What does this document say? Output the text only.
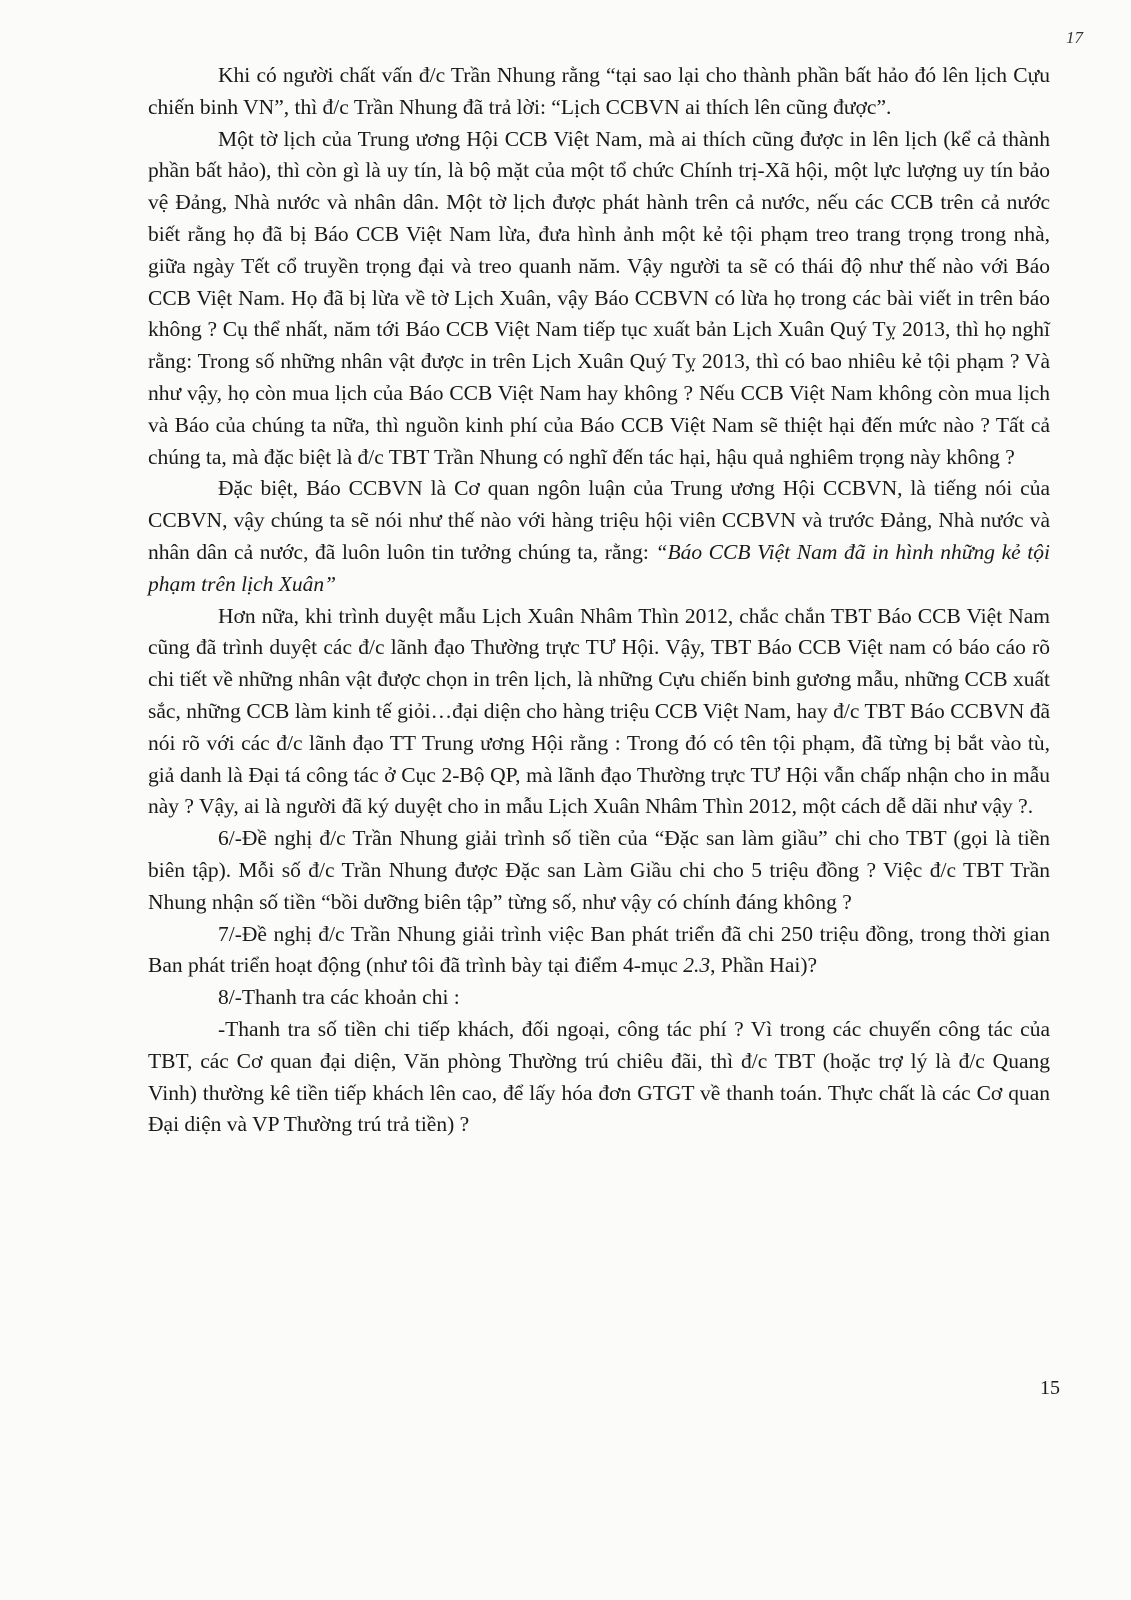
17

Khi có người chất vấn đ/c Trần Nhung rằng “tại sao lại cho thành phần bất hảo đó lên lịch Cựu chiến binh VN”, thì đ/c Trần Nhung đã trả lời: “Lịch CCBVN ai thích lên cũng được”.

Một tờ lịch của Trung ương Hội CCB Việt Nam, mà ai thích cũng được in lên lịch (kể cả thành phần bất hảo), thì còn gì là uy tín, là bộ mặt của một tổ chức Chính trị-Xã hội, một lực lượng uy tín bảo vệ Đảng, Nhà nước và nhân dân. Một tờ lịch được phát hành trên cả nước, nếu các CCB trên cả nước biết rằng họ đã bị Báo CCB Việt Nam lừa, đưa hình ảnh một kẻ tội phạm treo trang trọng trong nhà, giữa ngày Tết cổ truyền trọng đại và treo quanh năm. Vậy người ta sẽ có thái độ như thế nào với Báo CCB Việt Nam. Họ đã bị lừa về tờ Lịch Xuân, vậy Báo CCBVN có lừa họ trong các bài viết in trên báo không ? Cụ thể nhất, năm tới Báo CCB Việt Nam tiếp tục xuất bản Lịch Xuân Quý Tỵ 2013, thì họ nghĩ rằng: Trong số những nhân vật được in trên Lịch Xuân Quý Tỵ 2013, thì có bao nhiêu kẻ tội phạm ? Và như vậy, họ còn mua lịch của Báo CCB Việt Nam hay không ? Nếu CCB Việt Nam không còn mua lịch và Báo của chúng ta nữa, thì nguồn kinh phí của Báo CCB Việt Nam sẽ thiệt hại đến mức nào ? Tất cả chúng ta, mà đặc biệt là đ/c TBT Trần Nhung có nghĩ đến tác hại, hậu quả nghiêm trọng này không ?

Đặc biệt, Báo CCBVN là Cơ quan ngôn luận của Trung ương Hội CCBVN, là tiếng nói của CCBVN, vậy chúng ta sẽ nói như thế nào với hàng triệu hội viên CCBVN và trước Đảng, Nhà nước và nhân dân cả nước, đã luôn luôn tin tưởng chúng ta, rằng: “Báo CCB Việt Nam đã in hình những kẻ tội phạm trên lịch Xuân”

Hơn nữa, khi trình duyệt mẫu Lịch Xuân Nhâm Thìn 2012, chắc chắn TBT Báo CCB Việt Nam cũng đã trình duyệt các đ/c lãnh đạo Thường trực TƯ Hội. Vậy, TBT Báo CCB Việt nam có báo cáo rõ chi tiết về những nhân vật được chọn in trên lịch, là những Cựu chiến binh gương mẫu, những CCB xuất sắc, những CCB làm kinh tế giỏi…đại diện cho hàng triệu CCB Việt Nam, hay đ/c TBT Báo CCBVN đã nói rõ với các đ/c lãnh đạo TT Trung ương Hội rằng : Trong đó có tên tội phạm, đã từng bị bắt vào tù, giả danh là Đại tá công tác ở Cục 2-Bộ QP, mà lãnh đạo Thường trực TƯ Hội vẫn chấp nhận cho in mẫu này ? Vậy, ai là người đã ký duyệt cho in mẫu Lịch Xuân Nhâm Thìn 2012, một cách dễ dãi như vậy ?.

6/-Đề nghị đ/c Trần Nhung giải trình số tiền của “Đặc san làm giầu” chi cho TBT (gọi là tiền biên tập). Mỗi số đ/c Trần Nhung được Đặc san Làm Giầu chi cho 5 triệu đồng ? Việc đ/c TBT Trần Nhung nhận số tiền “bồi dưỡng biên tập” từng số, như vậy có chính đáng không ?

7/-Đề nghị đ/c Trần Nhung giải trình việc Ban phát triển đã chi 250 triệu đồng, trong thời gian Ban phát triển hoạt động (như tôi đã trình bày tại điểm 4-mục 2.3, Phần Hai)?

8/-Thanh tra các khoản chi :

-Thanh tra số tiền chi tiếp khách, đối ngoại, công tác phí ? Vì trong các chuyến công tác của TBT, các Cơ quan đại diện, Văn phòng Thường trú chiêu đãi, thì đ/c TBT (hoặc trợ lý là đ/c Quang Vinh) thường kê tiền tiếp khách lên cao, để lấy hóa đơn GTGT về thanh toán. Thực chất là các Cơ quan Đại diện và VP Thường trú trả tiền) ?

15
